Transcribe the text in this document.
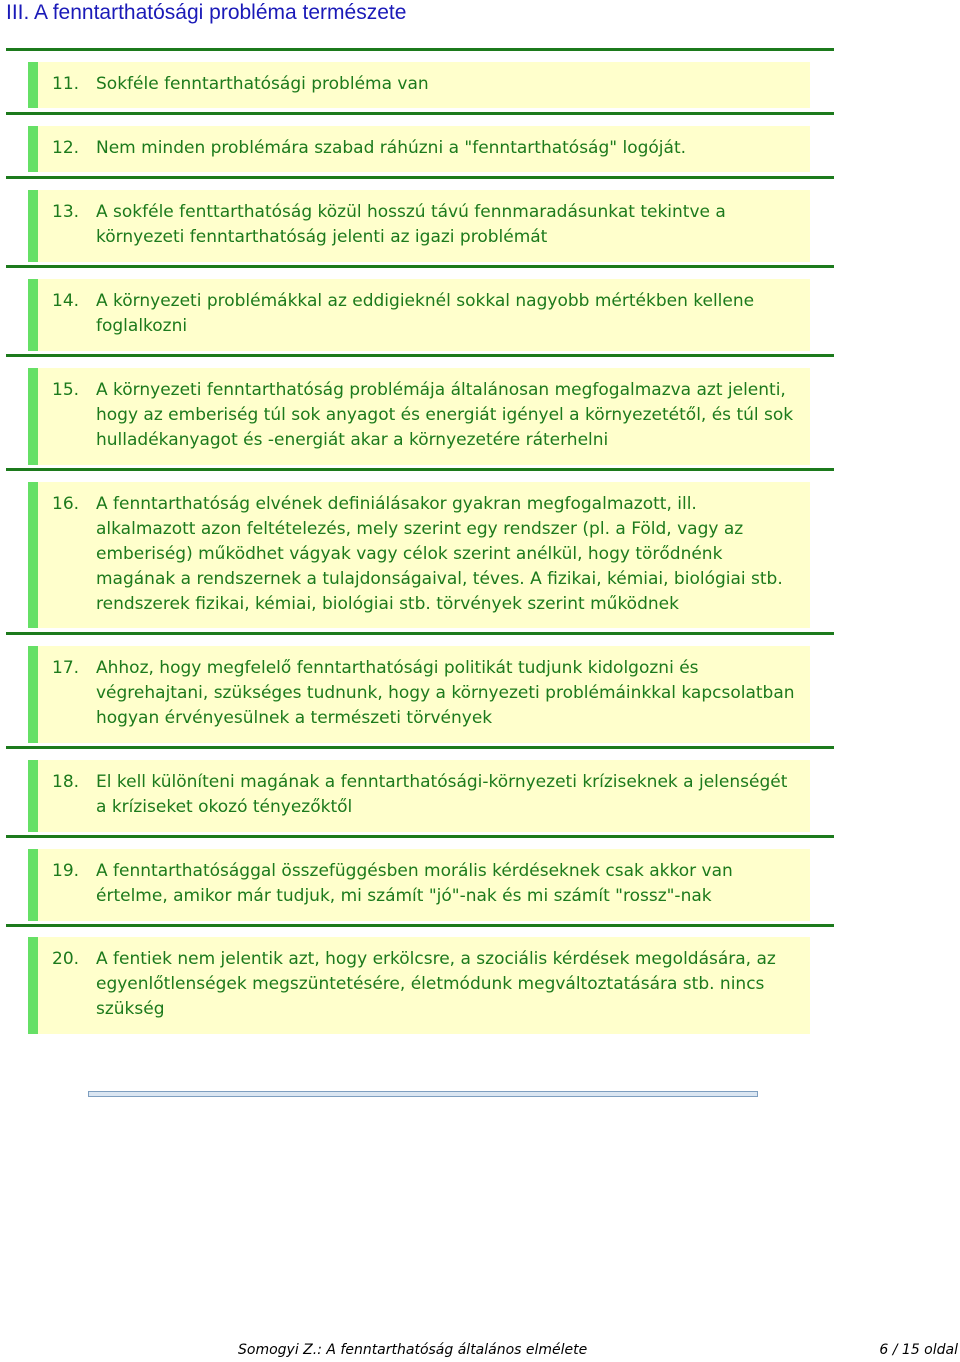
III. A fenntarthatósági probléma természete
11. Sokféle fenntarthatósági probléma van
12. Nem minden problémára szabad ráhúzni a "fenntarthatóság" logóját.
13. A sokféle fenttarthatóság közül hosszú távú fennmaradásunkat tekintve a környezeti fenntarthatóság jelenti az igazi problémát
14. A környezeti problémákkal az eddigieknél sokkal nagyobb mértékben kellene foglalkozni
15. A környezeti fenntarthatóság problémája általánosan megfogalmazva azt jelenti, hogy az emberiség túl sok anyagot és energiát igényel a környezetétől, és túl sok hulladékanyagot és -energiát akar a környezetére ráterhelni
16. A fenntarthatóság elvének definiálásakor gyakran megfogalmazott, ill. alkalmazott azon feltételezés, mely szerint egy rendszer (pl. a Föld, vagy az emberiség) működhet vágyak vagy célok szerint anélkül, hogy törődnénk magának a rendszernek a tulajdonságaival, téves. A fizikai, kémiai, biológiai stb. rendszerek fizikai, kémiai, biológiai stb. törvények szerint működnek
17. Ahhoz, hogy megfelelő fenntarthatósági politikát tudjunk kidolgozni és végrehajtani, szükséges tudnunk, hogy a környezeti problémáinkkal kapcsolatban hogyan érvényesülnek a természeti törvények
18. El kell különíteni magának a fenntarthatósági-környezeti kríziseknek a jelenségét a kríziseket okozó tényezőktől
19. A fenntarthatósággal összefüggésben morális kérdéseknek csak akkor van értelme, amikor már tudjuk, mi számít "jó"-nak és mi számít "rossz"-nak
20. A fentiek nem jelentik azt, hogy erkölcsre, a szociális kérdések megoldására, az egyenlőtlenségek megszüntetésére, életmódunk megváltoztatására stb. nincs szükség
Somogyi Z.: A fenntarthatóság általános elmélete	6 / 15 oldal
